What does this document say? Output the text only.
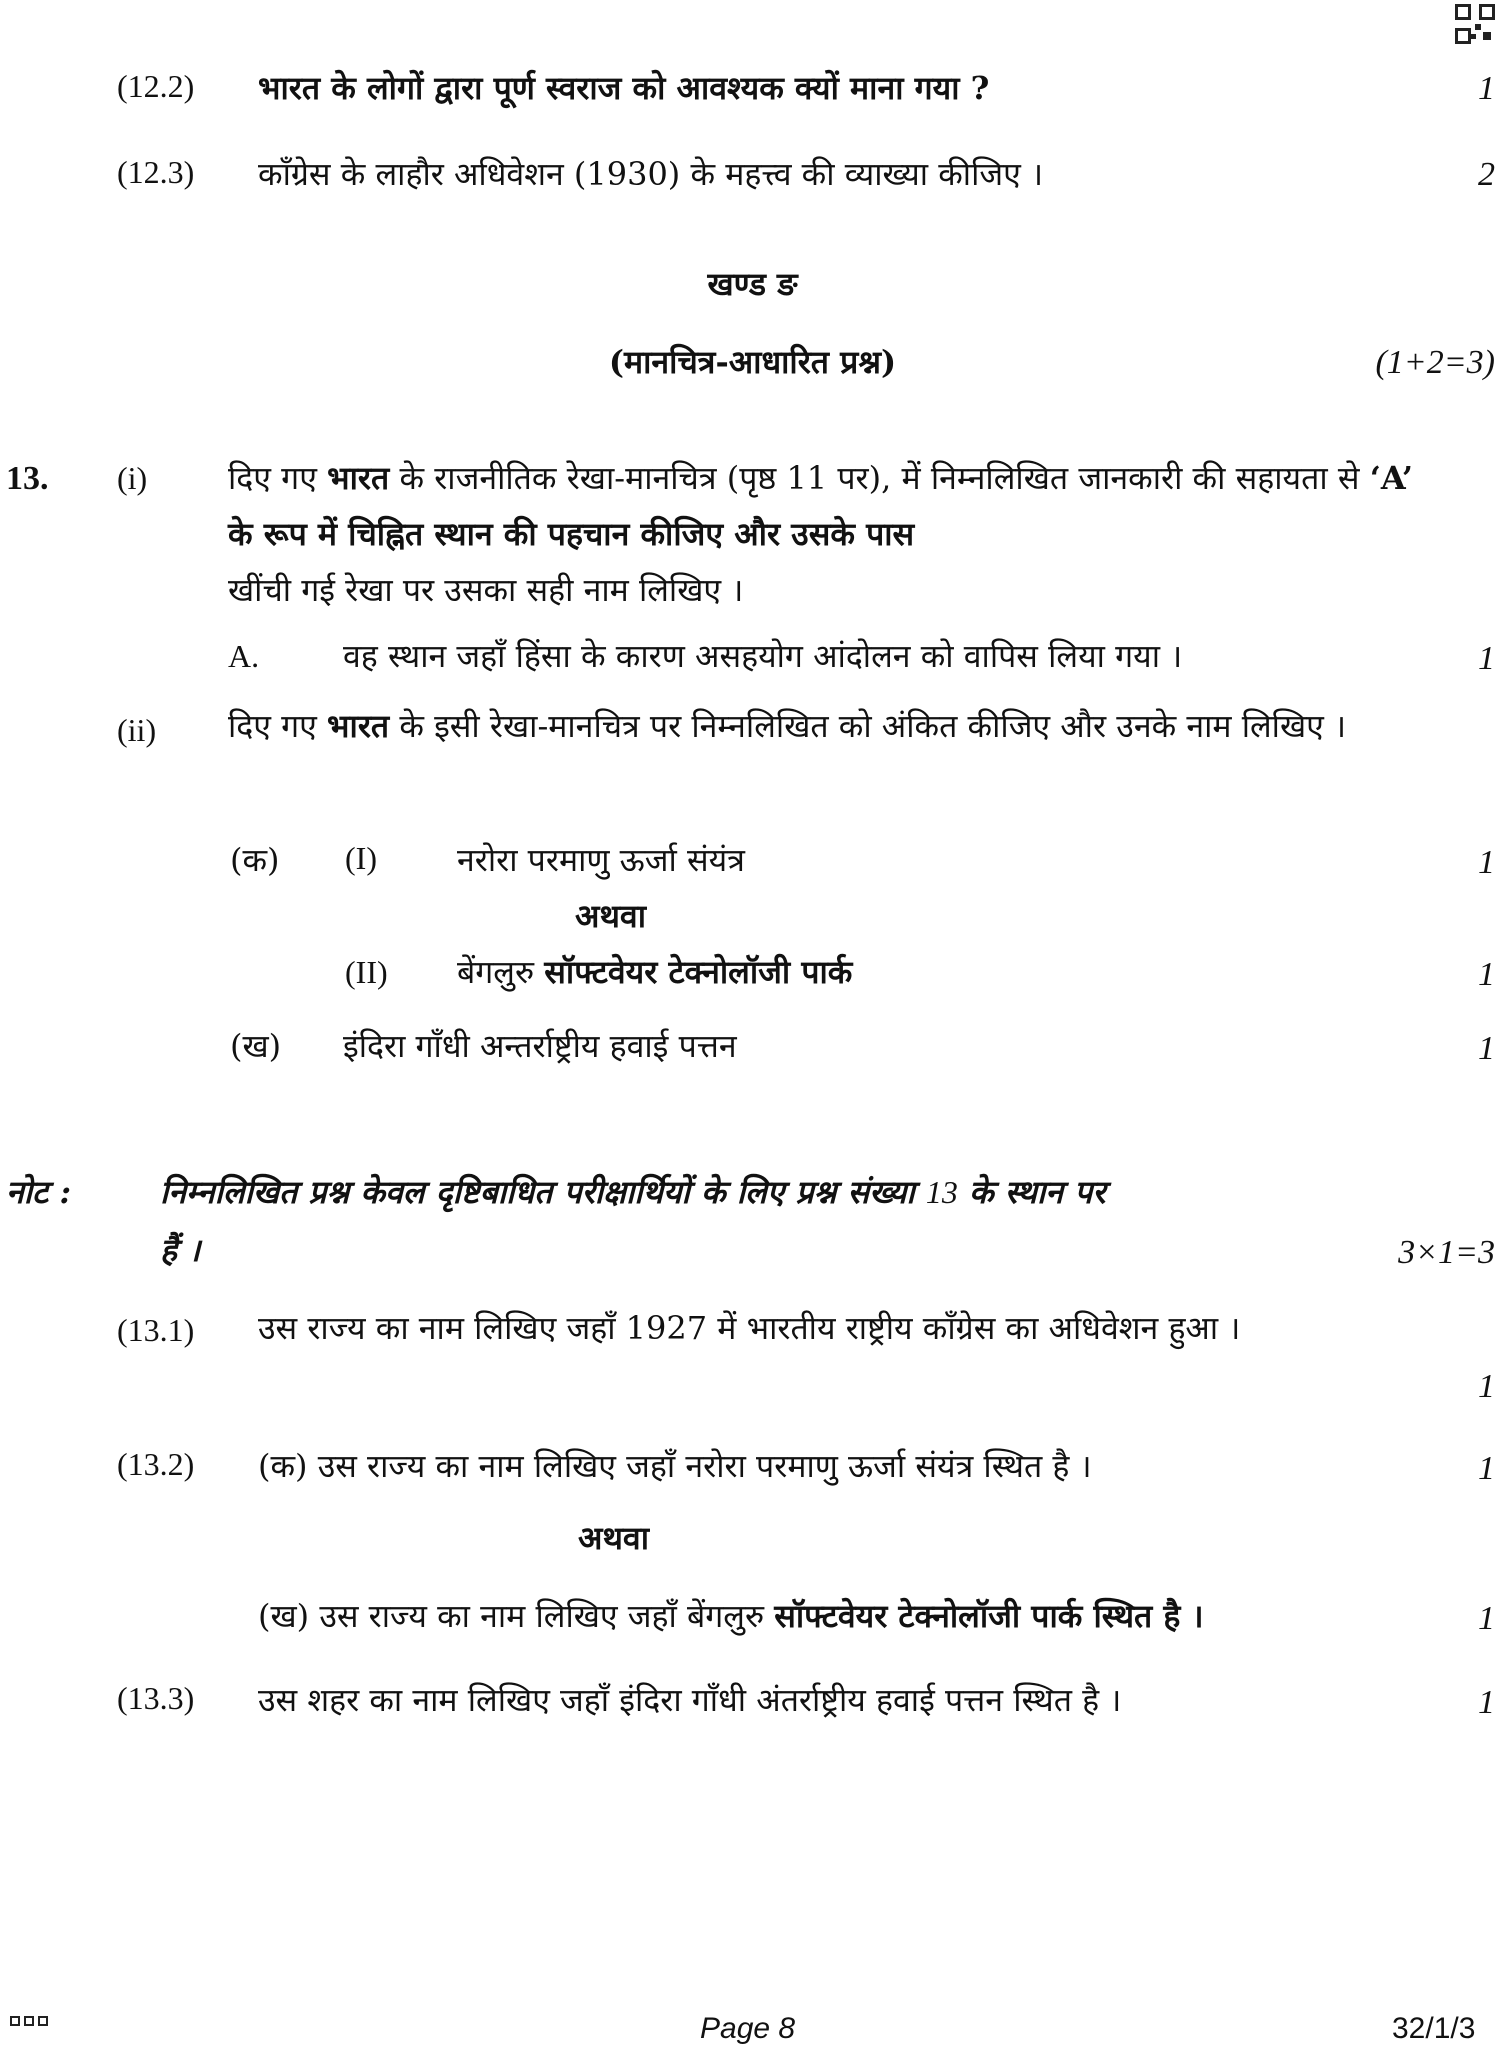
(12.2) भारत के लोगों द्वारा पूर्ण स्वराज को आवश्यक क्यों माना गया ?	1
(12.3) काँग्रेस के लाहौर अधिवेशन (1930) के महत्त्व की व्याख्या कीजिए ।	2
खण्ड ङ
(मानचित्र-आधारित प्रश्न)	(1+2=3)
13. (i)	दिए गए भारत के राजनीतिक रेखा-मानचित्र (पृष्ठ 11 पर), में निम्नलिखित जानकारी की सहायता से ‘A’ के रूप में चिह्नित स्थान की पहचान कीजिए और उसके पास
खींची गई रेखा पर उसका सही नाम लिखिए ।
A.	वह स्थान जहाँ हिंसा के कारण असहयोग आंदोलन को वापिस लिया गया ।	1
(ii) दिए गए भारत के इसी रेखा-मानचित्र पर निम्नलिखित को अंकित कीजिए और उनके नाम लिखिए ।
(क) (I)	नरोरा परमाणु ऊर्जा संयंत्र	1
अथवा
(II) बेंगलुरु सॉफ्टवेयर टेक्नोलॉजी पार्क	1
(ख) इंदिरा गाँधी अन्तर्राष्ट्रीय हवाई पत्तन	1
नोट :	निम्नलिखित प्रश्न केवल दृष्टिबाधित परीक्षार्थियों के लिए प्रश्न संख्या 13 के स्थान पर
हैं ।	3×1=3
(13.1) उस राज्य का नाम लिखिए जहाँ 1927 में भारतीय राष्ट्रीय काँग्रेस का अधिवेशन हुआ ।
1
(13.2) (क) उस राज्य का नाम लिखिए जहाँ नरोरा परमाणु ऊर्जा संयंत्र स्थित है ।	1
अथवा
(ख) उस राज्य का नाम लिखिए जहाँ बेंगलुरु सॉफ्टवेयर टेक्नोलॉजी पार्क स्थित है ।	1
(13.3) उस शहर का नाम लिखिए जहाँ इंदिरा गाँधी अंतर्राष्ट्रीय हवाई पत्तन स्थित है ।	1
Page 8	32/1/3
